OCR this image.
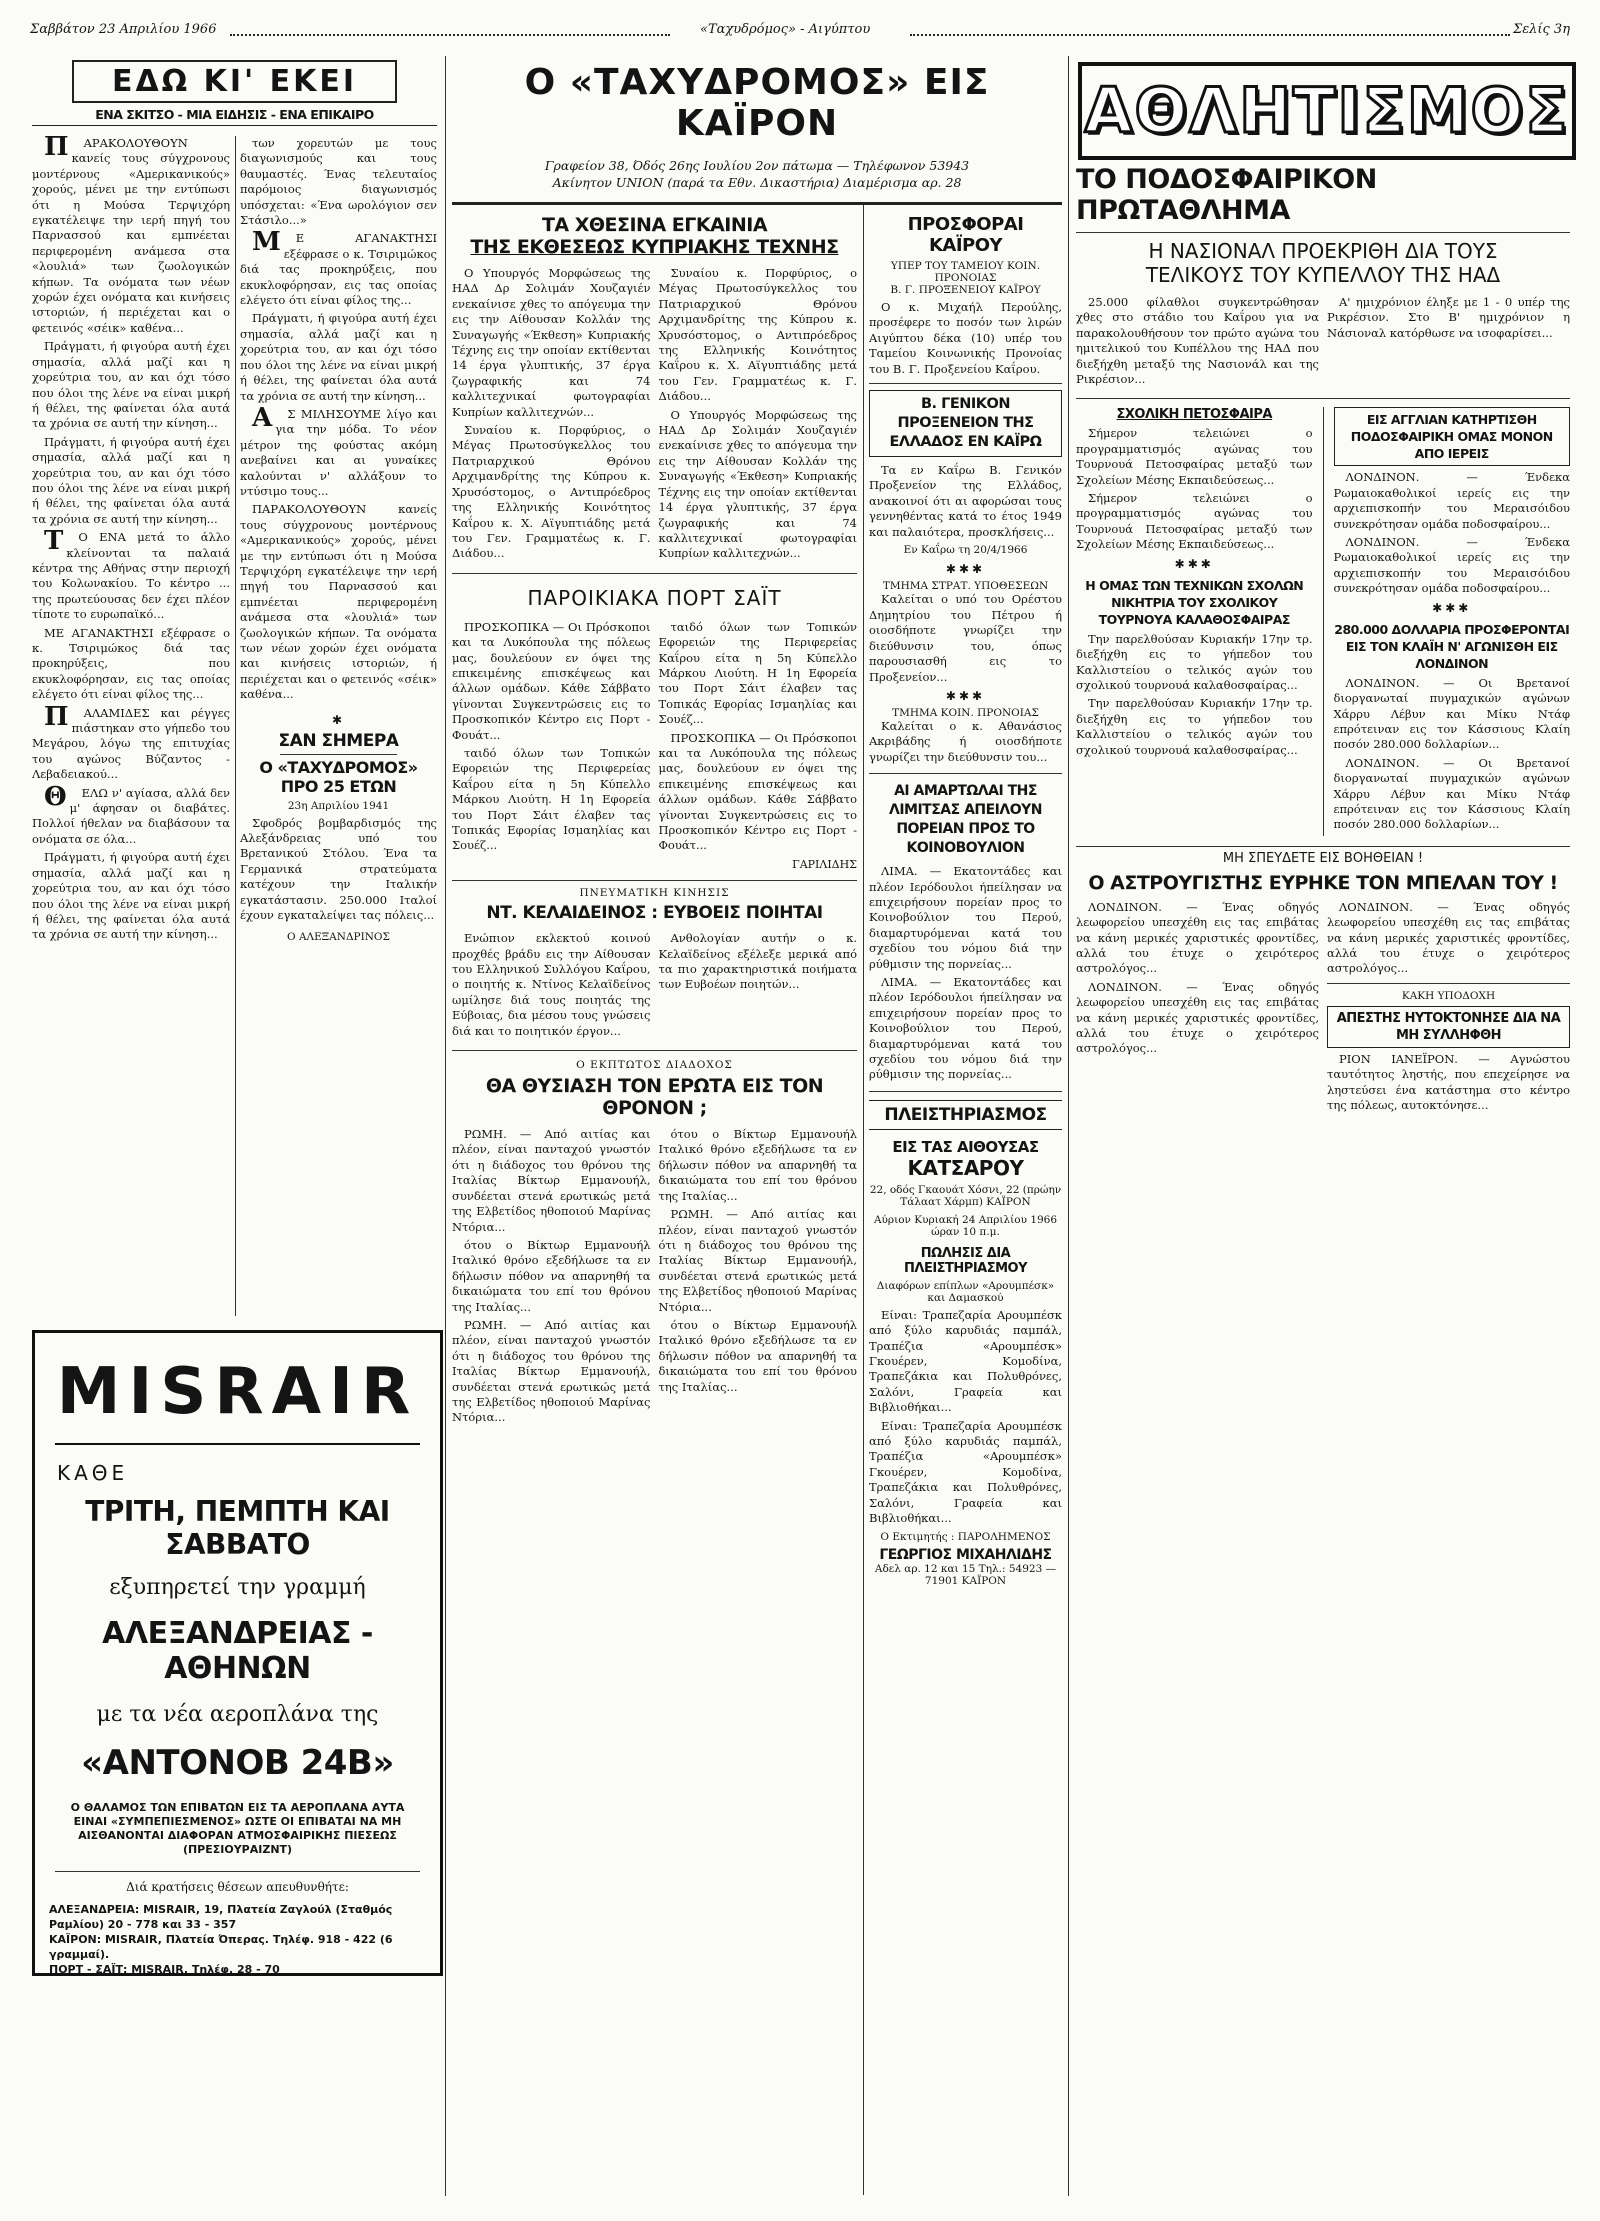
Σαββάτον 23 Απριλίου 1966	«Ταχυδρόμος» - Αιγύπτου	Σελίς 3η
ΕΔΩ ΚΙ' ΕΚΕΙ
ΕΝΑ ΣΚΙΤΣΟ - ΜΙΑ ΕΙΔΗΣΙΣ - ΕΝΑ ΕΠΙΚΑΙΡΟ

ΠΑΡΑΚΟΛΟΥΘΟΥΝ κανείς τους σύγχρονους μοντέρνους «Αμερικανικούς» χορούς, μένει με την εντύπωσι ότι η Μούσα Τερψιχόρη εγκατέλειψε την ιερή πηγή του Παρνασσού και εμπνέεται περιφερομένη ανάμεσα στα «λουλιά» των ζωολογικών κήπων. Τα ονόματα των νέων χορών έχει ονόματα και κινήσεις ιστοριών, ή περιέχεται και ο φετεινός «σέικ» καθένα...

Πράγματι, ή φιγούρα αυτή έχει σημασία, αλλά μαζί και η χορεύτρια του, αν και όχι τόσο που όλοι της λένε να είναι μικρή ή θέλει, της φαίνεται όλα αυτά τα χρόνια σε αυτή την κίνηση...

Πράγματι, ή φιγούρα αυτή έχει σημασία, αλλά μαζί και η χορεύτρια του, αν και όχι τόσο που όλοι της λένε να είναι μικρή ή θέλει, της φαίνεται όλα αυτά τα χρόνια σε αυτή την κίνηση...

ΤΟ ΕΝΑ μετά το άλλο κλείνονται τα παλαιά κέντρα της Αθήνας στην περιοχή του Κολωνακίου. Το κέντρο ... της πρωτεύουσας δεν έχει πλέον τίποτε το ευρωπαϊκό...

ΜΕ ΑΓΑΝΑΚΤΗΣΙ εξέφρασε ο κ. Τσιριμώκος διά τας προκηρύξεις, που εκυκλοφόρησαν, εις τας οποίας ελέγετο ότι είναι φίλος της...

ΠΑΛΑΜΙΔΕΣ και ρέγγες πιάστηκαν στο γήπεδο του Μεγάρου, λόγω της επιτυχίας του αγώνος Βύζαντος - Λεβαδειακού...

ΘΕΛΩ ν' αγίασα, αλλά δεν μ' άφησαν οι διαβάτες. Πολλοί ήθελαν να διαβάσουν τα ονόματα σε όλα...

Πράγματι, ή φιγούρα αυτή έχει σημασία, αλλά μαζί και η χορεύτρια του, αν και όχι τόσο που όλοι της λένε να είναι μικρή ή θέλει, της φαίνεται όλα αυτά τα χρόνια σε αυτή την κίνηση...

των χορευτών με τους διαγωνισμούς και τους θαυμαστές. Ένας τελευταίος παρόμοιος διαγωνισμός υπόσχεται: «Ένα ωρολόγιον σεν Στάσιλο...»

ΜΕ ΑΓΑΝΑΚΤΗΣΙ εξέφρασε ο κ. Τσιριμώκος διά τας προκηρύξεις, που εκυκλοφόρησαν, εις τας οποίας ελέγετο ότι είναι φίλος της...

Πράγματι, ή φιγούρα αυτή έχει σημασία, αλλά μαζί και η χορεύτρια του, αν και όχι τόσο που όλοι της λένε να είναι μικρή ή θέλει, της φαίνεται όλα αυτά τα χρόνια σε αυτή την κίνηση...

ΑΣ ΜΙΛΗΣΟΥΜΕ λίγο και για την μόδα. Το νέον μέτρον της φούστας ακόμη ανεβαίνει και αι γυναίκες καλούνται ν' αλλάξουν το ντύσιμο τους...

ΠΑΡΑΚΟΛΟΥΘΟΥΝ κανείς τους σύγχρονους μοντέρνους «Αμερικανικούς» χορούς, μένει με την εντύπωσι ότι η Μούσα Τερψιχόρη εγκατέλειψε την ιερή πηγή του Παρνασσού και εμπνέεται περιφερομένη ανάμεσα στα «λουλιά» των ζωολογικών κήπων. Τα ονόματα των νέων χορών έχει ονόματα και κινήσεις ιστοριών, ή περιέχεται και ο φετεινός «σέικ» καθένα...

✱
ΣΑΝ ΣΗΜΕΡΑ
Ο «ΤΑΧΥΔΡΟΜΟΣ»
ΠΡΟ 25 ΕΤΩΝ
23η Απριλίου 1941

Σφοδρός βομβαρδισμός της Αλεξάνδρειας υπό του Βρετανικού Στόλου. Ένα τα Γερμανικά στρατεύματα κατέχουν την Ιταλικήν εγκατάστασιν. 250.000 Ιταλοί έχουν εγκαταλείψει τας πόλεις...

Ο ΑΛΕΞΑΝΔΡΙΝΟΣ
MISRAIR
ΚΑΘΕ
ΤΡΙΤΗ, ΠΕΜΠΤΗ ΚΑΙ ΣΑΒΒΑΤΟ
εξυπηρετεί την γραμμή
ΑΛΕΞΑΝΔΡΕΙΑΣ - ΑΘΗΝΩΝ
με τα νέα αεροπλάνα της
«ΑΝΤΟΝΟΒ 24Β»
Ο ΘΑΛΑΜΟΣ ΤΩΝ ΕΠΙΒΑΤΩΝ ΕΙΣ ΤΑ ΑΕΡΟΠΛΑΝΑ ΑΥΤΑ ΕΙΝΑΙ «ΣΥΜΠΕΠΙΕΣΜΕΝΟΣ» ΩΣΤΕ ΟΙ ΕΠΙΒΑΤΑΙ ΝΑ ΜΗ ΑΙΣΘΑΝΟΝΤΑΙ ΔΙΑΦΟΡΑΝ ΑΤΜΟΣΦΑΙΡΙΚΗΣ ΠΙΕΣΕΩΣ (ΠΡΕΣΙΟΥΡΑΙΖΝΤ)
Διά κρατήσεις θέσεων απευθυνθήτε:
ΑΛΕΞΑΝΔΡΕΙΑ: MISRAIR, 19, Πλατεία Ζαγλούλ (Σταθμός Ραμλίου) 20 - 778 και 33 - 357
ΚΑΪΡΟΝ: MISRAIR, Πλατεία Όπερας. Τηλέφ. 918 - 422 (6 γραμμαί).
ΠΟΡΤ - ΣΑΪΤ: MISRAIR, Τηλέφ. 28 - 70
Ο «ΤΑΧΥΔΡΟΜΟΣ» ΕΙΣ ΚΑΪΡΟΝ
Γραφείον 38, Όδός 26ης Ιουλίου 2ον πάτωμα — Τηλέφωνον 53943
Ακίνητον UNION (παρά τα Εθν. Δικαστήρια) Διαμέρισμα αρ. 28
ΤΑ ΧΘΕΣΙΝΑ ΕΓΚΑΙΝΙΑ
ΤΗΣ ΕΚΘΕΣΕΩΣ ΚΥΠΡΙΑΚΗΣ ΤΕΧΝΗΣ

Ο Υπουργός Μορφώσεως της ΗΑΔ Δρ Σολιμάν Χουζαγιέν ενεκαίνισε χθες το απόγευμα την εις την Αίθουσαν Κολλάν της Συναγωγής «Έκθεση» Κυπριακής Τέχνης εις την οποίαν εκτίθενται 14 έργα γλυπτικής, 37 έργα ζωγραφικής και 74 καλλιτεχνικαί φωτογραφίαι Κυπρίων καλλιτεχνών...

Συναίου κ. Πορφύριος, ο Μέγας Πρωτοσύγκελλος του Πατριαρχικού Θρόνου Αρχιμανδρίτης της Κύπρου κ. Χρυσόστομος, ο Αντιπρόεδρος της Ελληνικής Κοινότητος Καΐρου κ. Χ. Αϊγυπτιάδης μετά του Γεν. Γραμματέως κ. Γ. Διάδου...

Συναίου κ. Πορφύριος, ο Μέγας Πρωτοσύγκελλος του Πατριαρχικού Θρόνου Αρχιμανδρίτης της Κύπρου κ. Χρυσόστομος, ο Αντιπρόεδρος της Ελληνικής Κοινότητος Καΐρου κ. Χ. Αϊγυπτιάδης μετά του Γεν. Γραμματέως κ. Γ. Διάδου...

Ο Υπουργός Μορφώσεως της ΗΑΔ Δρ Σολιμάν Χουζαγιέν ενεκαίνισε χθες το απόγευμα την εις την Αίθουσαν Κολλάν της Συναγωγής «Έκθεση» Κυπριακής Τέχνης εις την οποίαν εκτίθενται 14 έργα γλυπτικής, 37 έργα ζωγραφικής και 74 καλλιτεχνικαί φωτογραφίαι Κυπρίων καλλιτεχνών...

ΠΑΡΟΙΚΙΑΚΑ ΠΟΡΤ ΣΑΪΤ

ΠΡΟΣΚΟΠΙΚΑ — Οι Πρόσκοποι και τα Λυκόπουλα της πόλεως μας, δουλεύουν εν όψει της επικειμένης επισκέψεως και άλλων ομάδων. Κάθε Σάββατο γίνονται Συγκεντρώσεις εις το Προσκοπικόν Κέντρο εις Πορτ - Φουάτ...

ταιδό όλων των Τοπικών Εφορειών της Περιφερείας Καΐρου είτα η 5η Κύπελλο Μάρκου Λιούτη. Η 1η Εφορεία του Πορτ Σάιτ έλαβεν τας Τοπικάς Εφορίας Ισμαηλίας και Σουέζ...

ταιδό όλων των Τοπικών Εφορειών της Περιφερείας Καΐρου είτα η 5η Κύπελλο Μάρκου Λιούτη. Η 1η Εφορεία του Πορτ Σάιτ έλαβεν τας Τοπικάς Εφορίας Ισμαηλίας και Σουέζ...

ΠΡΟΣΚΟΠΙΚΑ — Οι Πρόσκοποι και τα Λυκόπουλα της πόλεως μας, δουλεύουν εν όψει της επικειμένης επισκέψεως και άλλων ομάδων. Κάθε Σάββατο γίνονται Συγκεντρώσεις εις το Προσκοπικόν Κέντρο εις Πορτ - Φουάτ...

ΓΑΡΙΛΙΔΗΣ
ΠΝΕΥΜΑΤΙΚΗ ΚΙΝΗΣΙΣ
ΝΤ. ΚΕΛΑΙΔΕΙΝΟΣ : ΕΥΒΟΕΙΣ ΠΟΙΗΤΑΙ

Ενώπιον εκλεκτού κοινού προχθές βράδυ εις την Αίθουσαν του Ελληνικού Συλλόγου Καΐρου, ο ποιητής κ. Ντίνος Κελαϊδείνος ωμίλησε διά τους ποιητάς της Εύβοιας, δια μέσου τους γνώσεις διά και το ποιητικόν έργον...

Ανθολογίαν αυτήν ο κ. Κελαϊδείνος εξέλεξε μερικά από τα πιο χαρακτηριστικά ποιήματα των Ευβοέων ποιητών...

Ο ΕΚΠΤΩΤΟΣ ΔΙΑΔΟΧΟΣ
ΘΑ ΘΥΣΙΑΣΗ ΤΟΝ ΕΡΩΤΑ ΕΙΣ ΤΟΝ ΘΡΟΝΟΝ ;

ΡΩΜΗ. — Από αιτίας και πλέον, είναι πανταχού γνωστόν ότι η διάδοχος του θρόνου της Ιταλίας Βίκτωρ Εμμανουήλ, συνδέεται στενά ερωτικώς μετά της Ελβετίδος ηθοποιού Μαρίνας Ντόρια...

ότου ο Βίκτωρ Εμμανουήλ Ιταλικό θρόνο εξεδήλωσε τα εν δήλωσιν πόθον να απαρνηθή τα δικαιώματα του επί του θρόνου της Ιταλίας...

ΡΩΜΗ. — Από αιτίας και πλέον, είναι πανταχού γνωστόν ότι η διάδοχος του θρόνου της Ιταλίας Βίκτωρ Εμμανουήλ, συνδέεται στενά ερωτικώς μετά της Ελβετίδος ηθοποιού Μαρίνας Ντόρια...

ότου ο Βίκτωρ Εμμανουήλ Ιταλικό θρόνο εξεδήλωσε τα εν δήλωσιν πόθον να απαρνηθή τα δικαιώματα του επί του θρόνου της Ιταλίας...

ΡΩΜΗ. — Από αιτίας και πλέον, είναι πανταχού γνωστόν ότι η διάδοχος του θρόνου της Ιταλίας Βίκτωρ Εμμανουήλ, συνδέεται στενά ερωτικώς μετά της Ελβετίδος ηθοποιού Μαρίνας Ντόρια...

ότου ο Βίκτωρ Εμμανουήλ Ιταλικό θρόνο εξεδήλωσε τα εν δήλωσιν πόθον να απαρνηθή τα δικαιώματα του επί του θρόνου της Ιταλίας...

ΠΡΟΣΦΟΡΑΙ ΚΑΪΡΟΥ
ΥΠΕΡ ΤΟΥ ΤΑΜΕΙΟΥ ΚΟΙΝ. ΠΡΟΝΟΙΑΣ
Β. Γ. ΠΡΟΞΕΝΕΙΟΥ ΚΑΪΡΟΥ

Ο κ. Μιχαήλ Περούλης, προσέφερε το ποσόν των λιρών Αιγύπτου δέκα (10) υπέρ του Ταμείου Κοινωνικής Προνοίας του Β. Γ. Προξενείου Καΐρου.

Β. ΓΕΝΙΚΟΝ ΠΡΟΞΕΝΕΙΟΝ ΤΗΣ ΕΛΛΑΔΟΣ ΕΝ ΚΑΪΡΩ

Τα εν Καΐρω Β. Γενικόν Προξενείον της Ελλάδος, ανακοινοί ότι αι αφορώσαι τους γεννηθέντας κατά το έτος 1949 και παλαιότερα, προσκλήσεις...

Εν Καΐρω τη 20/4/1966
✱✱✱
ΤΜΗΜΑ ΣΤΡΑΤ. ΥΠΟΘΕΣΕΩΝ

Καλείται ο υπό του Ορέστου Δημητρίου του Πέτρου ή οιοσδήποτε γνωρίζει την διεύθυνσιν του, όπως παρουσιασθή εις το Προξενείον...

✱✱✱
ΤΜΗΜΑ ΚΟΙΝ. ΠΡΟΝΟΙΑΣ

Καλείται ο κ. Αθανάσιος Ακριβάδης ή οιοσδήποτε γνωρίζει την διεύθυνσιν του...

ΑΙ ΑΜΑΡΤΩΛΑΙ ΤΗΣ ΛΙΜΙΤΣΑΣ ΑΠΕΙΛΟΥΝ ΠΟΡΕΙΑΝ ΠΡΟΣ ΤΟ ΚΟΙΝΟΒΟΥΛΙΟΝ

ΛΙΜΑ. — Εκατοντάδες και πλέον Ιερόδουλοι ήπείλησαν να επιχειρήσουν πορείαν προς το Κοινοβούλιον του Περού, διαμαρτυρόμεναι κατά του σχεδίου του νόμου διά την ρύθμισιν της πορνείας...

ΛΙΜΑ. — Εκατοντάδες και πλέον Ιερόδουλοι ήπείλησαν να επιχειρήσουν πορείαν προς το Κοινοβούλιον του Περού, διαμαρτυρόμεναι κατά του σχεδίου του νόμου διά την ρύθμισιν της πορνείας...

ΠΛΕΙΣΤΗΡΙΑΣΜΟΣ
ΕΙΣ ΤΑΣ ΑΙΘΟΥΣΑΣ
ΚΑΤΣΑΡΟΥ
22, οδός Γκαουάτ Χόσνι, 22 (πρώην Τάλαατ Χάρμπ) ΚΑΪΡΟΝ
Αύριον Κυριακή 24 Απριλίου 1966 ώραν 10 π.μ.
ΠΩΛΗΣΙΣ ΔΙΑ ΠΛΕΙΣΤΗΡΙΑΣΜΟΥ
Διαφόρων επίπλων «Αρουμπέσκ» και Δαμασκού

Είναι: Τραπεζαρία Αρουμπέσκ από ξύλο καρυδιάς παμπάλ, Τραπέζια «Αρουμπέσκ» Γκουέρεν, Κομοδίνα, Τραπεζάκια και Πολυθρόνες, Σαλόνι, Γραφεία και Βιβλιοθήκαι...

Είναι: Τραπεζαρία Αρουμπέσκ από ξύλο καρυδιάς παμπάλ, Τραπέζια «Αρουμπέσκ» Γκουέρεν, Κομοδίνα, Τραπεζάκια και Πολυθρόνες, Σαλόνι, Γραφεία και Βιβλιοθήκαι...

Ο Εκτιμητής : ΠΑΡΟΛΗΜΕΝΟΣ
ΓΕΩΡΓΙΟΣ ΜΙΧΑΗΛΙΔΗΣ
Αδελ αρ. 12 και 15 Τηλ.: 54923 — 71901 ΚΑΪΡΟΝ
ΑΘΛΗΤΙΣΜΟΣ
ΤΟ ΠΟΔΟΣΦΑΙΡΙΚΟΝ ΠΡΩΤΑΘΛΗΜΑ
Η ΝΑΣΙΟΝΑΛ ΠΡΟΕΚΡΙΘΗ ΔΙΑ ΤΟΥΣ
ΤΕΛΙΚΟΥΣ ΤΟΥ ΚΥΠΕΛΛΟΥ ΤΗΣ ΗΑΔ

25.000 φίλαθλοι συγκεντρώθησαν χθες στο στάδιο του Καΐρου για να παρακολουθήσουν τον πρώτο αγώνα του ημιτελικού του Κυπέλλου της ΗΑΔ που διεξήχθη μεταξύ της Νασιονάλ και της Ρικρέσιον...

Α' ημιχρόνιον έληξε με 1 - 0 υπέρ της Ρικρέσιον. Στο Β' ημιχρόνιον η Νάσιοναλ κατόρθωσε να ισοφαρίσει...

ΣΧΟΛΙΚΗ ΠΕΤΟΣΦΑΙΡΑ

Σήμερον τελειώνει ο προγραμματισμός αγώνας του Τουρνουά Πετοσφαίρας μεταξύ των Σχολείων Μέσης Εκπαιδεύσεως...

Σήμερον τελειώνει ο προγραμματισμός αγώνας του Τουρνουά Πετοσφαίρας μεταξύ των Σχολείων Μέσης Εκπαιδεύσεως...

✱✱✱
Η ΟΜΑΣ ΤΩΝ ΤΕΧΝΙΚΩΝ ΣΧΟΛΩΝ ΝΙΚΗΤΡΙΑ ΤΟΥ ΣΧΟΛΙΚΟΥ ΤΟΥΡΝΟΥΑ ΚΑΛΑΘΟΣΦΑΙΡΑΣ

Την παρελθούσαν Κυριακήν 17ην τρ. διεξήχθη εις το γήπεδον του Καλλιστείου ο τελικός αγών του σχολικού τουρνουά καλαθοσφαίρας...

Την παρελθούσαν Κυριακήν 17ην τρ. διεξήχθη εις το γήπεδον του Καλλιστείου ο τελικός αγών του σχολικού τουρνουά καλαθοσφαίρας...

ΕΙΣ ΑΓΓΛΙΑΝ ΚΑΤΗΡΤΙΣΘΗ ΠΟΔΟΣΦΑΙΡΙΚΗ ΟΜΑΣ ΜΟΝΟΝ ΑΠΟ ΙΕΡΕΙΣ

ΛΟΝΔΙΝΟΝ. — Ένδεκα Ρωμαιοκαθολικοί ιερείς εις την αρχιεπισκοπήν του Μεραισόιδου συνεκρότησαν ομάδα ποδοσφαίρου...

ΛΟΝΔΙΝΟΝ. — Ένδεκα Ρωμαιοκαθολικοί ιερείς εις την αρχιεπισκοπήν του Μεραισόιδου συνεκρότησαν ομάδα ποδοσφαίρου...

✱✱✱
280.000 ΔΟΛΛΑΡΙΑ ΠΡΟΣΦΕΡΟΝΤΑΙ ΕΙΣ ΤΟΝ ΚΛΑΪΗ Ν' ΑΓΩΝΙΣΘΗ ΕΙΣ ΛΟΝΔΙΝΟΝ

ΛΟΝΔΙΝΟΝ. — Οι Βρετανοί διοργανωταί πυγμαχικών αγώνων Χάρρυ Λέβυν και Μίκυ Ντάφ επρότειναν εις τον Κάσσιους Κλαίη ποσόν 280.000 δολλαρίων...

ΛΟΝΔΙΝΟΝ. — Οι Βρετανοί διοργανωταί πυγμαχικών αγώνων Χάρρυ Λέβυν και Μίκυ Ντάφ επρότειναν εις τον Κάσσιους Κλαίη ποσόν 280.000 δολλαρίων...

ΜΗ ΣΠΕΥΔΕΤΕ ΕΙΣ ΒΟΗΘΕΙΑΝ !
Ο ΑΣΤΡΟΥΓΙΣΤΗΣ ΕΥΡΗΚΕ ΤΟΝ ΜΠΕΛΑΝ ΤΟΥ !

ΛΟΝΔΙΝΟΝ. — Ένας οδηγός λεωφορείου υπεσχέθη εις τας επιβάτας να κάνη μερικές χαριστικές φροντίδες, αλλά του έτυχε ο χειρότερος αστρολόγος...

ΛΟΝΔΙΝΟΝ. — Ένας οδηγός λεωφορείου υπεσχέθη εις τας επιβάτας να κάνη μερικές χαριστικές φροντίδες, αλλά του έτυχε ο χειρότερος αστρολόγος...

ΛΟΝΔΙΝΟΝ. — Ένας οδηγός λεωφορείου υπεσχέθη εις τας επιβάτας να κάνη μερικές χαριστικές φροντίδες, αλλά του έτυχε ο χειρότερος αστρολόγος...

ΚΑΚΗ ΥΠΟΔΟΧΗ
ΑΠΕΣΤΗΣ ΗΥΤΟΚΤΟΝΗΣΕ ΔΙΑ ΝΑ ΜΗ ΣΥΛΛΗΦΘΗ

ΡΙΟΝ ΙΑΝΕΪΡΟΝ. — Αγνώστου ταυτότητος ληστής, που επεχείρησε να ληστεύσει ένα κατάστημα στο κέντρο της πόλεως, αυτοκτόνησε...
